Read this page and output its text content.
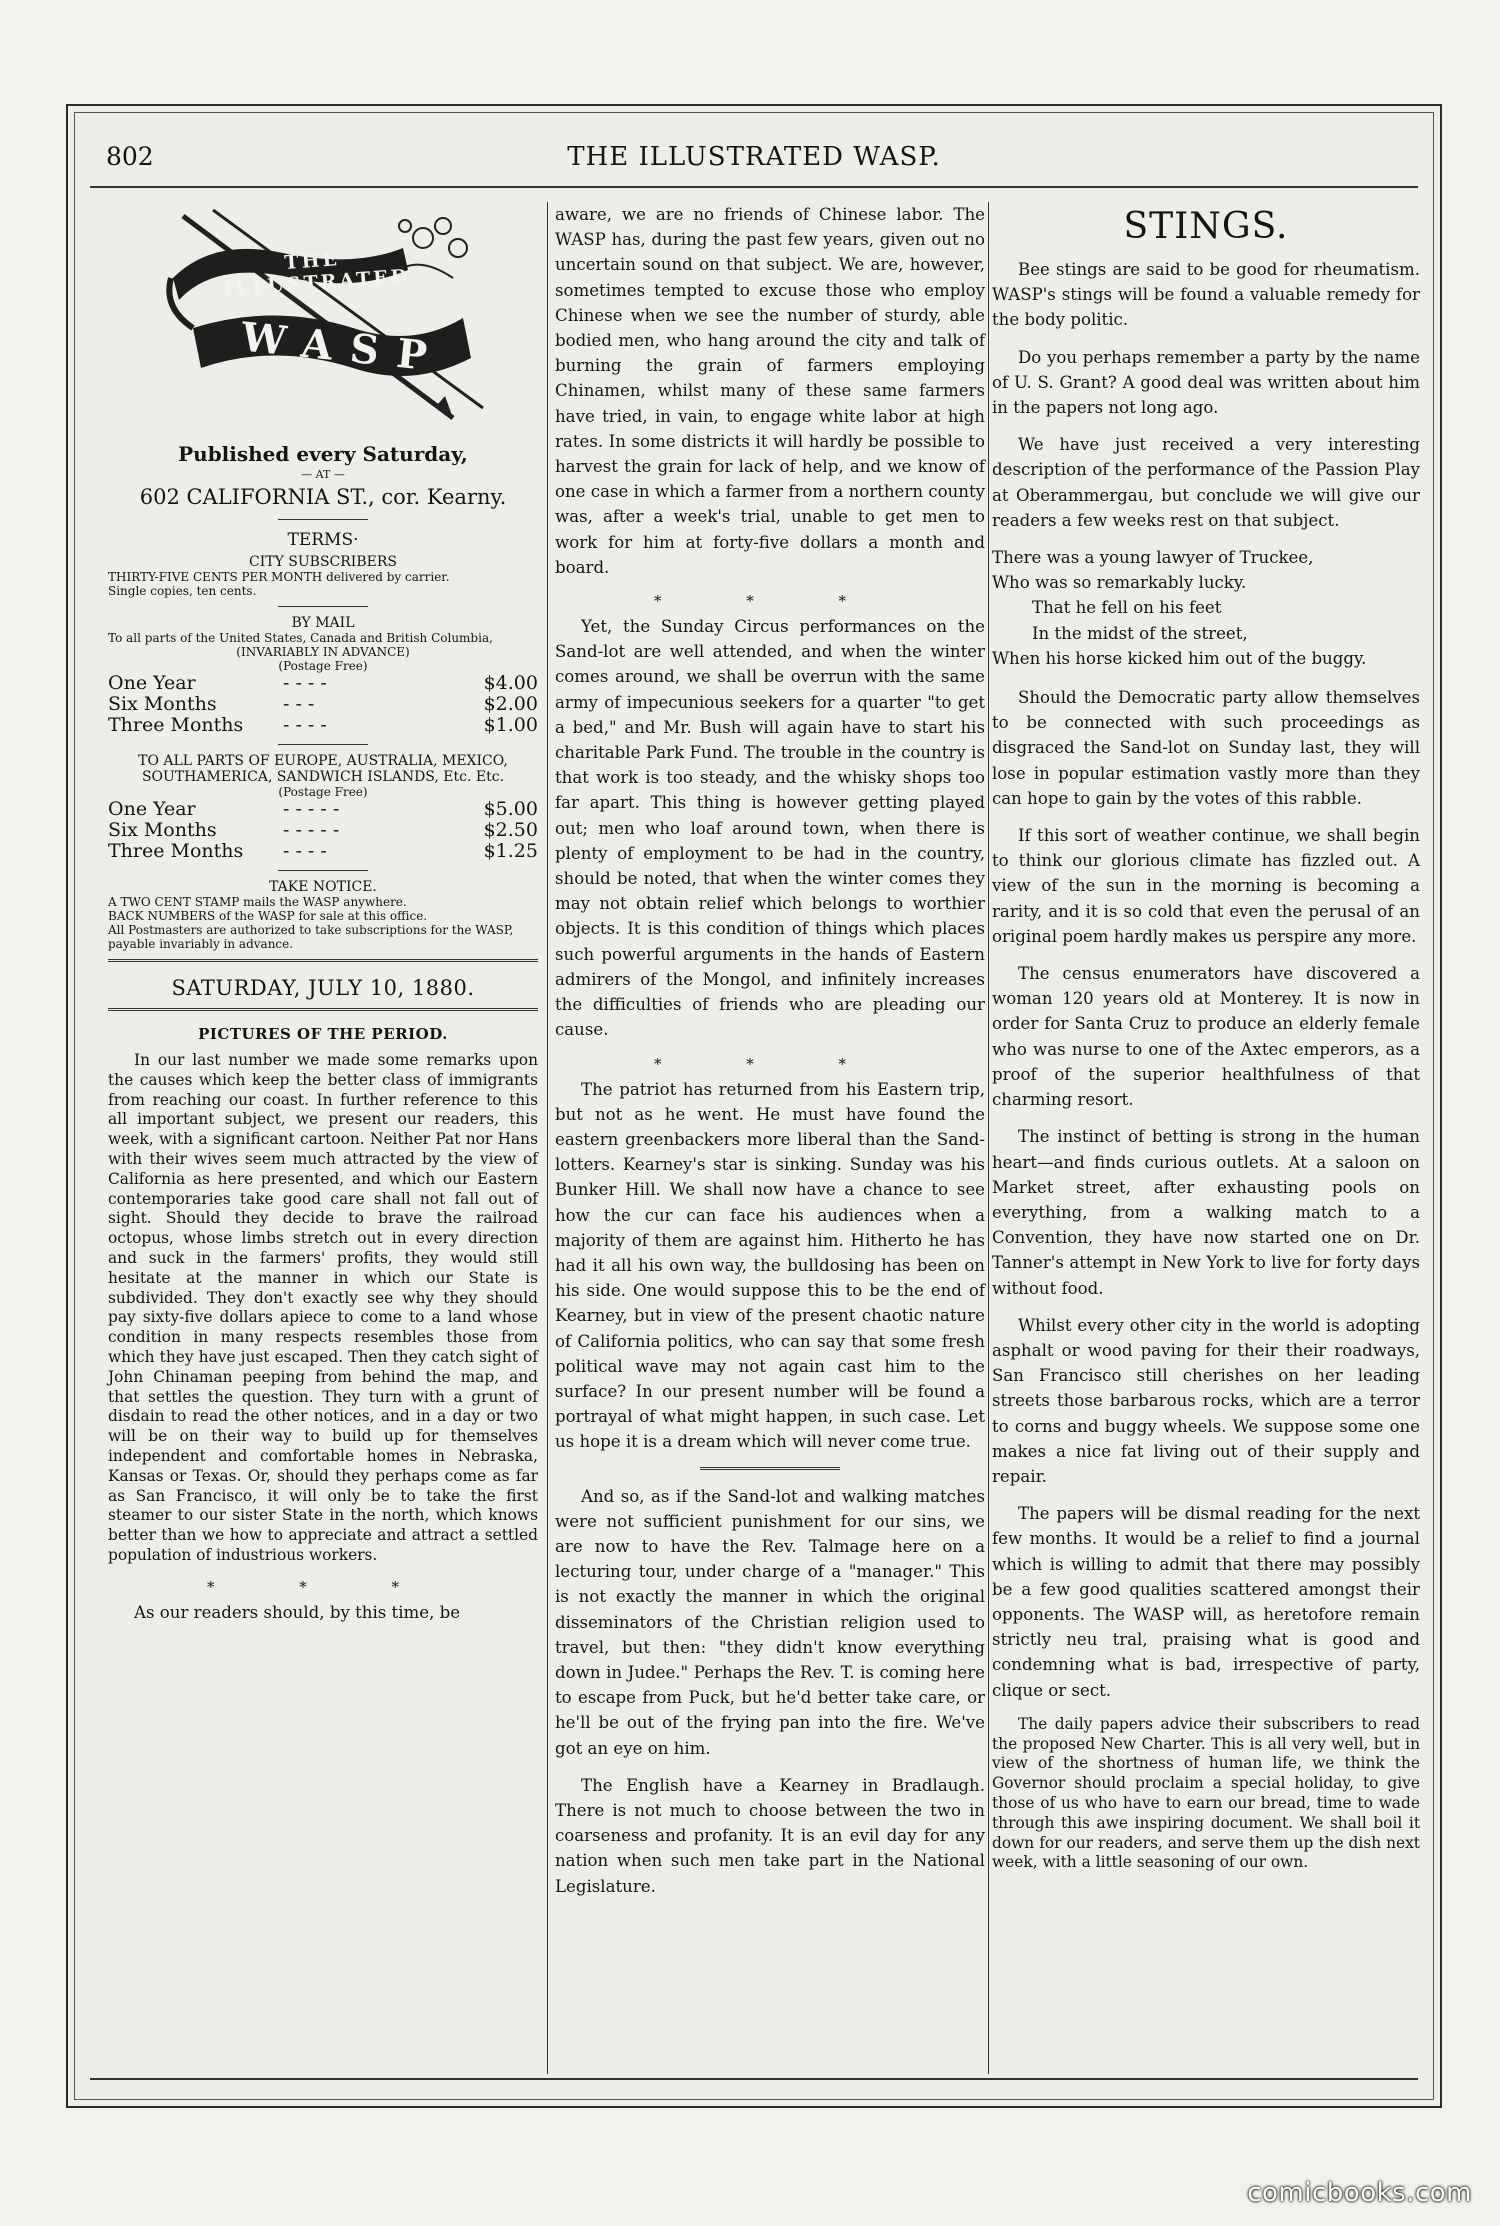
802	THE ILLUSTRATED WASP.
THE ILLUSTRATED
WASP
Published every Saturday,
— AT —
602 CALIFORNIA ST., cor. Kearny.
TERMS·
CITY SUBSCRIBERS
THIRTY-FIVE CENTS PER MONTH delivered by carrier.
Single copies, ten cents.
BY MAIL
To all parts of the United States, Canada and British Columbia,
(INVARIABLY IN ADVANCE)
(Postage Free)
One Year	- - - -	$4.00
Six Months	- - -	$2.00
Three Months	- - - -	$1.00
TO ALL PARTS OF EUROPE, AUSTRALIA, MEXICO, SOUTHAMERICA, SANDWICH ISLANDS, Etc. Etc.
(Postage Free)
One Year	- - - - -	$5.00
Six Months	- - - - -	$2.50
Three Months	- - - -	$1.25
TAKE NOTICE.
A TWO CENT STAMP mails the WASP anywhere.
BACK NUMBERS of the WASP for sale at this office.
All Postmasters are authorized to take subscriptions for the WASP, payable invariably in advance.
SATURDAY, JULY 10, 1880.
PICTURES OF THE PERIOD.

In our last number we made some remarks upon the causes which keep the better class of immigrants from reaching our coast. In further reference to this all important subject, we present our readers, this week, with a significant cartoon. Neither Pat nor Hans with their wives seem much attracted by the view of California as here presented, and which our Eastern contemporaries take good care shall not fall out of sight. Should they decide to brave the railroad octopus, whose limbs stretch out in every direction and suck in the farmers' profits, they would still hesitate at the manner in which our State is subdivided. They don't exactly see why they should pay sixty-five dollars apiece to come to a land whose condition in many respects resembles those from which they have just escaped. Then they catch sight of John Chinaman peeping from behind the map, and that settles the question. They turn with a grunt of disdain to read the other notices, and in a day or two will be on their way to build up for themselves independent and comfortable homes in Nebraska, Kansas or Texas. Or, should they perhaps come as far as San Francisco, it will only be to take the first steamer to our sister State in the north, which knows better than we how to appreciate and attract a settled population of industrious workers.

* * *

As our readers should, by this time, be

aware, we are no friends of Chinese labor. The WASP has, during the past few years, given out no uncertain sound on that subject. We are, however, sometimes tempted to excuse those who employ Chinese when we see the number of sturdy, able bodied men, who hang around the city and talk of burning the grain of farmers employing Chinamen, whilst many of these same farmers have tried, in vain, to engage white labor at high rates. In some districts it will hardly be possible to harvest the grain for lack of help, and we know of one case in which a farmer from a northern county was, after a week's trial, unable to get men to work for him at forty-five dollars a month and board.

* * *

Yet, the Sunday Circus performances on the Sand-lot are well attended, and when the winter comes around, we shall be overrun with the same army of impecunious seekers for a quarter "to get a bed," and Mr. Bush will again have to start his charitable Park Fund. The trouble in the country is that work is too steady, and the whisky shops too far apart. This thing is however getting played out; men who loaf around town, when there is plenty of employment to be had in the country, should be noted, that when the winter comes they may not obtain relief which belongs to worthier objects. It is this condition of things which places such powerful arguments in the hands of Eastern admirers of the Mongol, and infinitely increases the difficulties of friends who are pleading our cause.

* * *

The patriot has returned from his Eastern trip, but not as he went. He must have found the eastern greenbackers more liberal than the Sand-lotters. Kearney's star is sinking. Sunday was his Bunker Hill. We shall now have a chance to see how the cur can face his audiences when a majority of them are against him. Hitherto he has had it all his own way, the bulldosing has been on his side. One would suppose this to be the end of Kearney, but in view of the present chaotic nature of California politics, who can say that some fresh political wave may not again cast him to the surface? In our present number will be found a portrayal of what might happen, in such case. Let us hope it is a dream which will never come true.

And so, as if the Sand-lot and walking matches were not sufficient punishment for our sins, we are now to have the Rev. Talmage here on a lecturing tour, under charge of a "manager." This is not exactly the manner in which the original disseminators of the Christian religion used to travel, but then: "they didn't know everything down in Judee." Perhaps the Rev. T. is coming here to escape from Puck, but he'd better take care, or he'll be out of the frying pan into the fire. We've got an eye on him.

The English have a Kearney in Bradlaugh. There is not much to choose between the two in coarseness and profanity. It is an evil day for any nation when such men take part in the National Legislature.

STINGS.

Bee stings are said to be good for rheumatism. WASP's stings will be found a valuable remedy for the body politic.

Do you perhaps remember a party by the name of U. S. Grant? A good deal was written about him in the papers not long ago.

We have just received a very interesting description of the performance of the Passion Play at Oberammergau, but conclude we will give our readers a few weeks rest on that subject.

There was a young lawyer of Truckee,

Who was so remarkably lucky.

That he fell on his feet

In the midst of the street,

When his horse kicked him out of the buggy.

Should the Democratic party allow themselves to be connected with such proceedings as disgraced the Sand-lot on Sunday last, they will lose in popular estimation vastly more than they can hope to gain by the votes of this rabble.

If this sort of weather continue, we shall begin to think our glorious climate has fizzled out. A view of the sun in the morning is becoming a rarity, and it is so cold that even the perusal of an original poem hardly makes us perspire any more.

The census enumerators have discovered a woman 120 years old at Monterey. It is now in order for Santa Cruz to produce an elderly female who was nurse to one of the Axtec emperors, as a proof of the superior healthfulness of that charming resort.

The instinct of betting is strong in the human heart—and finds curious outlets. At a saloon on Market street, after exhausting pools on everything, from a walking match to a Convention, they have now started one on Dr. Tanner's attempt in New York to live for forty days without food.

Whilst every other city in the world is adopting asphalt or wood paving for their their roadways, San Francisco still cherishes on her leading streets those barbarous rocks, which are a terror to corns and buggy wheels. We suppose some one makes a nice fat living out of their supply and repair.

The papers will be dismal reading for the next few months. It would be a relief to find a journal which is willing to admit that there may possibly be a few good qualities scattered amongst their opponents. The WASP will, as heretofore remain strictly neu tral, praising what is good and condemning what is bad, irrespective of party, clique or sect.

The daily papers advice their subscribers to read the proposed New Charter. This is all very well, but in view of the shortness of human life, we think the Governor should proclaim a special holiday, to give those of us who have to earn our bread, time to wade through this awe inspiring document. We shall boil it down for our readers, and serve them up the dish next week, with a little seasoning of our own.

comicbooks.com
